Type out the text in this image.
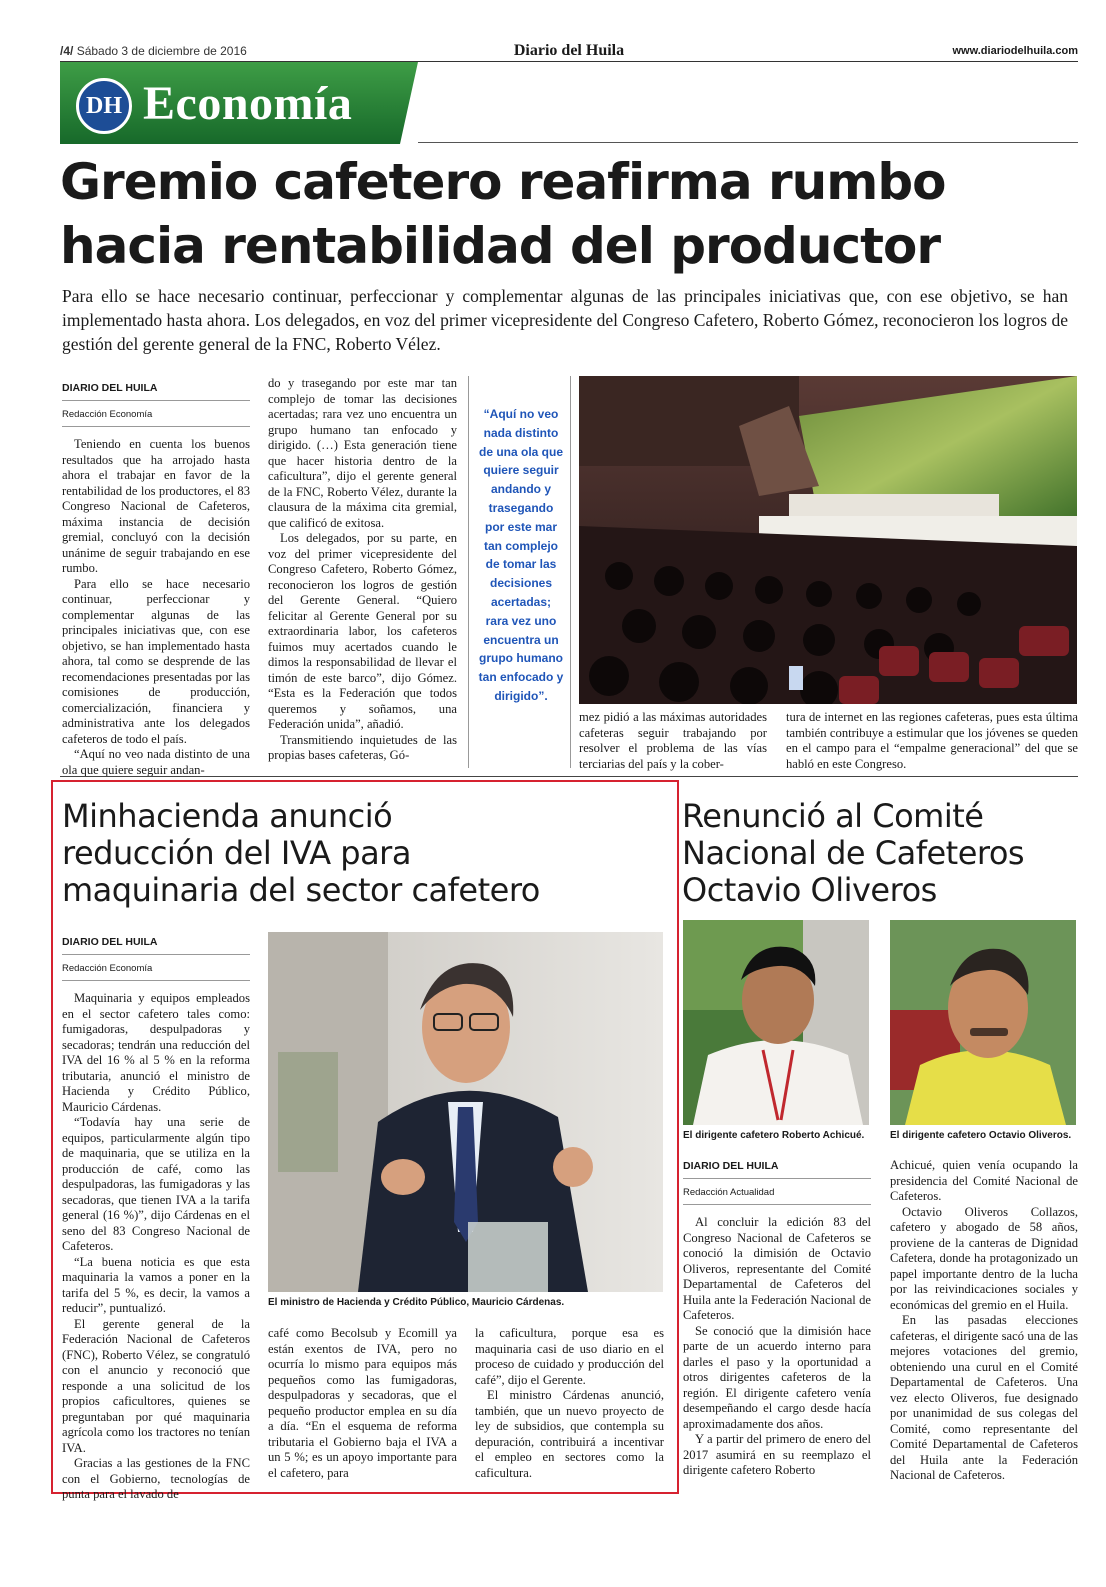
/4/ Sábado 3 de diciembre de 2016	Diario del Huila	www.diariodelhuila.com
DH Economía
Gremio cafetero reafirma rumbo
hacia rentabilidad del productor
Para ello se hace necesario continuar, perfeccionar y complementar algunas de las principales iniciativas que, con ese objetivo, se han implementado hasta ahora. Los delegados, en voz del primer vicepresidente del Congreso Cafetero, Roberto Gómez, reconocieron los logros de gestión del gerente general de la FNC, Roberto Vélez.
DIARIO DEL HUILA
Redacción Economía

Teniendo en cuenta los buenos resultados que ha arrojado hasta ahora el trabajar en favor de la rentabilidad de los productores, el 83 Congreso Nacional de Cafeteros, máxima instancia de decisión gremial, concluyó con la decisión unánime de seguir trabajando en ese rumbo.

Para ello se hace necesario continuar, perfeccionar y complementar algunas de las principales iniciativas que, con ese objetivo, se han implementado hasta ahora, tal como se desprende de las recomendaciones presentadas por las comisiones de producción, comercialización, financiera y administrativa ante los delegados cafeteros de todo el país.

“Aquí no veo nada distinto de una ola que quiere seguir andan-

do y trasegando por este mar tan complejo de tomar las decisiones acertadas; rara vez uno encuentra un grupo humano tan enfocado y dirigido. (…) Esta generación tiene que hacer historia dentro de la caficultura”, dijo el gerente general de la FNC, Roberto Vélez, durante la clausura de la máxima cita gremial, que calificó de exitosa.

Los delegados, por su parte, en voz del primer vicepresidente del Congreso Cafetero, Roberto Gómez, reconocieron los logros de gestión del Gerente General. “Quiero felicitar al Gerente General por su extraordinaria labor, los cafeteros fuimos muy acertados cuando le dimos la responsabilidad de llevar el timón de este barco”, dijo Gómez. “Esta es la Federación que todos queremos y soñamos, una Federación unida”, añadió.

Transmitiendo inquietudes de las propias bases cafeteras, Gó-

“Aquí no veo nada distinto de una ola que quiere seguir andando y trasegando por este mar tan complejo de tomar las decisiones acertadas; rara vez uno encuentra un grupo humano tan enfocado y dirigido”.

mez pidió a las máximas autoridades cafeteras seguir trabajando por resolver el problema de las vías terciarias del país y la cober-

tura de internet en las regiones cafeteras, pues esta última también contribuye a estimular que los jóvenes se queden en el campo para el “empalme generacional” del que se habló en este Congreso.

Minhacienda anunció
reducción del IVA para
maquinaria del sector cafetero
DIARIO DEL HUILA
Redacción Economía

Maquinaria y equipos empleados en el sector cafetero tales como: fumigadoras, despulpadoras y secadoras; tendrán una reducción del IVA del 16 % al 5 % en la reforma tributaria, anunció el ministro de Hacienda y Crédito Público, Mauricio Cárdenas.

“Todavía hay una serie de equipos, particularmente algún tipo de maquinaria, que se utiliza en la producción de café, como las despulpadoras, las fumigadoras y las secadoras, que tienen IVA a la tarifa general (16 %)”, dijo Cárdenas en el seno del 83 Congreso Nacional de Cafeteros.

“La buena noticia es que esta maquinaria la vamos a poner en la tarifa del 5 %, es decir, la vamos a reducir”, puntualizó.

El gerente general de la Federación Nacional de Cafeteros (FNC), Roberto Vélez, se congratuló con el anuncio y reconoció que responde a una solicitud de los propios caficultores, quienes se preguntaban por qué maquinaria agrícola como los tractores no tenían IVA.

Gracias a las gestiones de la FNC con el Gobierno, tecnologías de punta para el lavado de

El ministro de Hacienda y Crédito Público, Mauricio Cárdenas.

café como Becolsub y Ecomill ya están exentos de IVA, pero no ocurría lo mismo para equipos más pequeños como las fumigadoras, despulpadoras y secadoras, que el pequeño productor emplea en su día a día. “En el esquema de reforma tributaria el Gobierno baja el IVA a un 5 %; es un apoyo importante para el cafetero, para

la caficultura, porque esa es maquinaria casi de uso diario en el proceso de cuidado y producción del café”, dijo el Gerente.

El ministro Cárdenas anunció, también, que un nuevo proyecto de ley de subsidios, que contempla su depuración, contribuirá a incentivar el empleo en sectores como la caficultura.

Renunció al Comité
Nacional de Cafeteros
Octavio Oliveros
El dirigente cafetero Roberto Achicué.	El dirigente cafetero Octavio Oliveros.
DIARIO DEL HUILA
Redacción Actualidad

Al concluir la edición 83 del Congreso Nacional de Cafeteros se conoció la dimisión de Octavio Oliveros, representante del Comité Departamental de Cafeteros del Huila ante la Federación Nacional de Cafeteros.

Se conoció que la dimisión hace parte de un acuerdo interno para darles el paso y la oportunidad a otros dirigentes cafeteros de la región. El dirigente cafetero venía desempeñando el cargo desde hacía aproximadamente dos años.

Y a partir del primero de enero del 2017 asumirá en su reemplazo el dirigente cafetero Roberto

Achicué, quien venía ocupando la presidencia del Comité Nacional de Cafeteros.

Octavio Oliveros Collazos, cafetero y abogado de 58 años, proviene de la canteras de Dignidad Cafetera, donde ha protagonizado un papel importante dentro de la lucha por las reivindicaciones sociales y económicas del gremio en el Huila.

En las pasadas elecciones cafeteras, el dirigente sacó una de las mejores votaciones del gremio, obteniendo una curul en el Comité Departamental de Cafeteros. Una vez electo Oliveros, fue designado por unanimidad de sus colegas del Comité, como representante del Comité Departamental de Cafeteros del Huila ante la Federación Nacional de Cafeteros.
